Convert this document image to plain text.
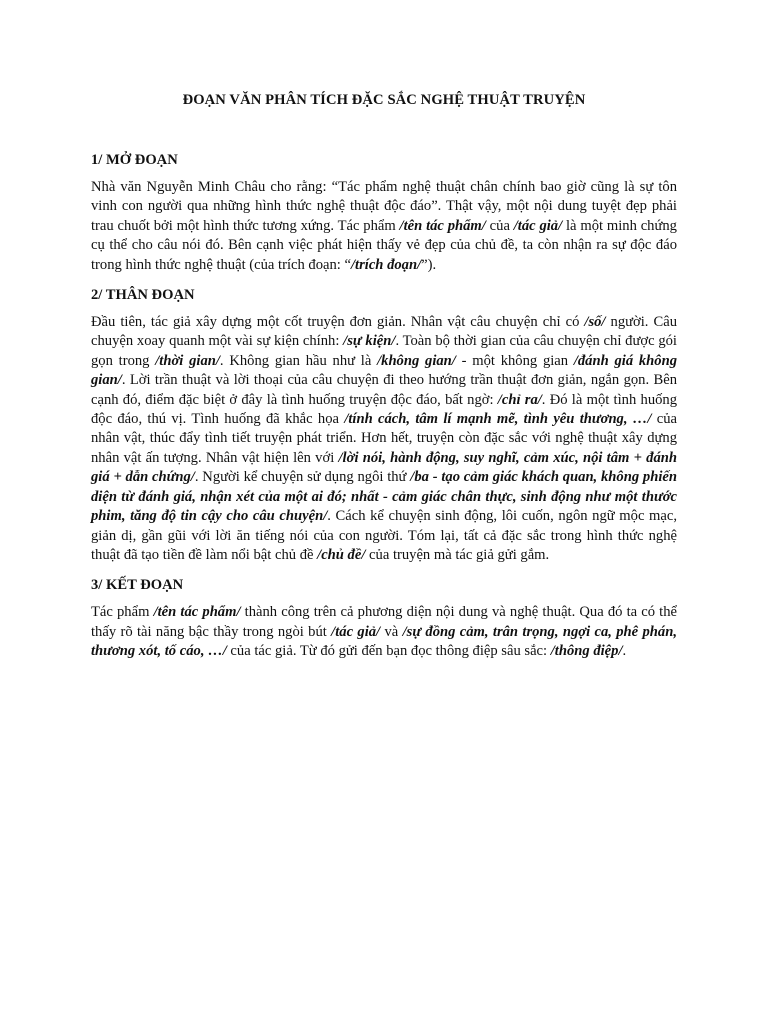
ĐOẠN VĂN PHÂN TÍCH ĐẶC SẮC NGHỆ THUẬT TRUYỆN
1/ MỞ ĐOẠN

Nhà văn Nguyễn Minh Châu cho rằng: “Tác phẩm nghệ thuật chân chính bao giờ cũng là sự tôn vinh con người qua những hình thức nghệ thuật độc đáo”. Thật vậy, một nội dung tuyệt đẹp phải trau chuốt bởi một hình thức tương xứng. Tác phẩm /tên tác phẩm/ của /tác giả/ là một minh chứng cụ thể cho câu nói đó. Bên cạnh việc phát hiện thấy vẻ đẹp của chủ đề, ta còn nhận ra sự độc đáo trong hình thức nghệ thuật (của trích đoạn: “/trích đoạn/”).

2/ THÂN ĐOẠN

Đầu tiên, tác giả xây dựng một cốt truyện đơn giản. Nhân vật câu chuyện chỉ có /số/ người. Câu chuyện xoay quanh một vài sự kiện chính: /sự kiện/. Toàn bộ thời gian của câu chuyện chỉ được gói gọn trong /thời gian/. Không gian hầu như là /không gian/ - một không gian /đánh giá không gian/. Lời trần thuật và lời thoại của câu chuyện đi theo hướng trần thuật đơn giản, ngắn gọn. Bên cạnh đó, điểm đặc biệt ở đây là tình huống truyện độc đáo, bất ngờ: /chỉ ra/. Đó là một tình huống độc đáo, thú vị. Tình huống đã khắc họa /tính cách, tâm lí mạnh mẽ, tình yêu thương, …/ của nhân vật, thúc đẩy tình tiết truyện phát triển. Hơn hết, truyện còn đặc sắc với nghệ thuật xây dựng nhân vật ấn tượng. Nhân vật hiện lên với /lời nói, hành động, suy nghĩ, cảm xúc, nội tâm + đánh giá + dẫn chứng/. Người kể chuyện sử dụng ngôi thứ /ba - tạo cảm giác khách quan, không phiến diện từ đánh giá, nhận xét của một ai đó; nhất - cảm giác chân thực, sinh động như một thước phim, tăng độ tin cậy cho câu chuyện/. Cách kể chuyện sinh động, lôi cuốn, ngôn ngữ mộc mạc, giản dị, gần gũi với lời ăn tiếng nói của con người. Tóm lại, tất cả đặc sắc trong hình thức nghệ thuật đã tạo tiền đề làm nổi bật chủ đề /chủ đề/ của truyện mà tác giả gửi gắm.

3/ KẾT ĐOẠN

Tác phẩm /tên tác phẩm/ thành công trên cả phương diện nội dung và nghệ thuật. Qua đó ta có thể thấy rõ tài năng bậc thầy trong ngòi bút /tác giả/ và /sự đồng cảm, trân trọng, ngợi ca, phê phán, thương xót, tố cáo, …/ của tác giả. Từ đó gửi đến bạn đọc thông điệp sâu sắc: /thông điệp/.
